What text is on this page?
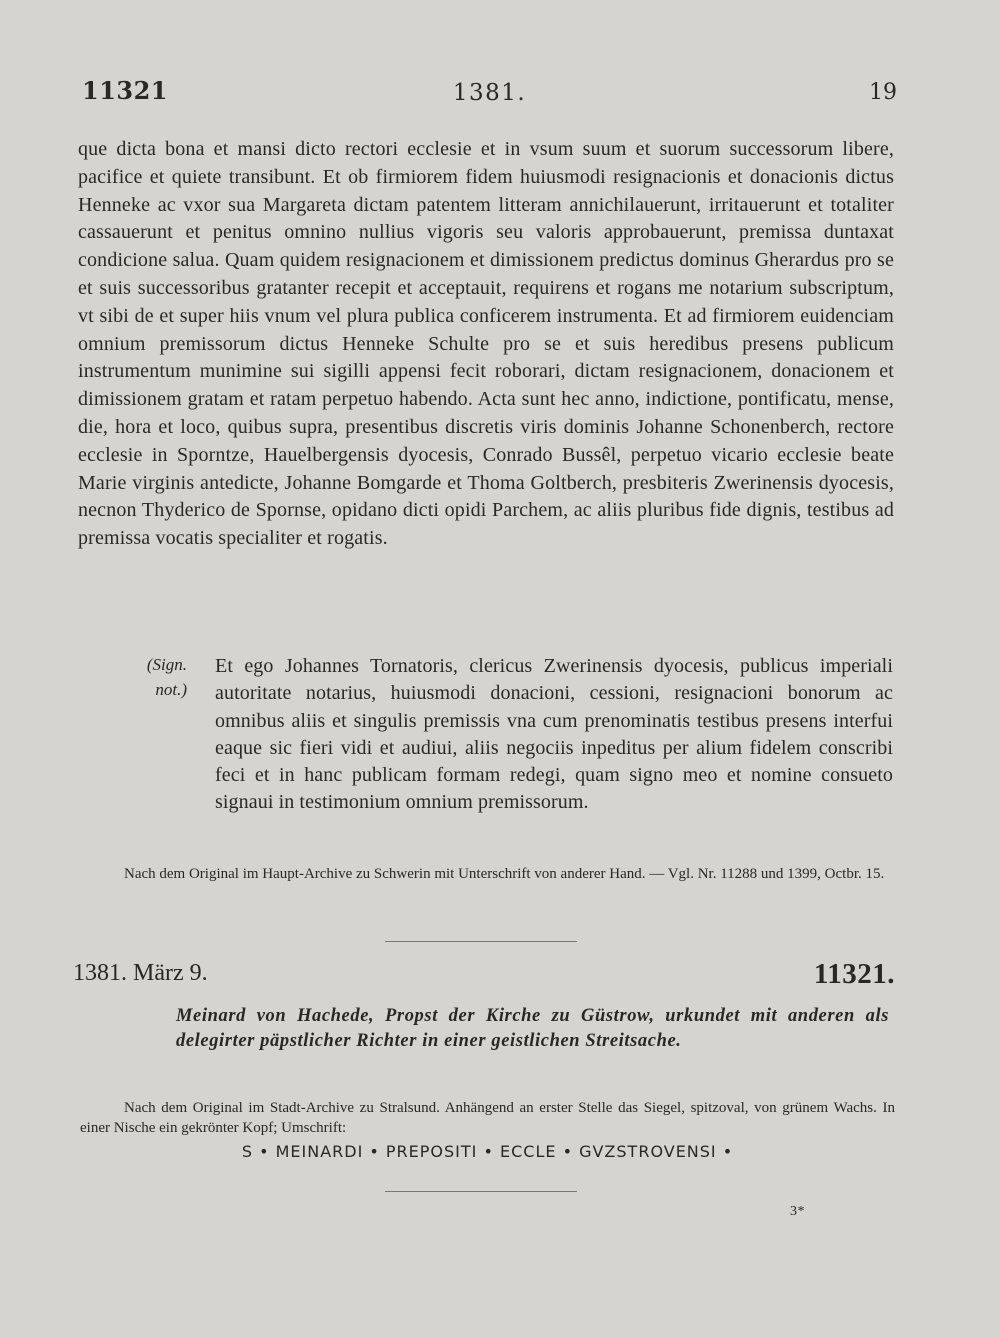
11321	1381.	19

que dicta bona et mansi dicto rectori ecclesie et in vsum suum et suorum successorum libere, pacifice et quiete transibunt. Et ob firmiorem fidem huiusmodi resignacionis et donacionis dictus Henneke ac vxor sua Margareta dictam patentem litteram annichilauerunt, irritauerunt et totaliter cassauerunt et penitus omnino nullius vigoris seu valoris approbauerunt, premissa duntaxat condicione salua. Quam quidem resignacionem et dimissionem predictus dominus Gherardus pro se et suis successoribus gratanter recepit et acceptauit, requirens et rogans me notarium subscriptum, vt sibi de et super hiis vnum vel plura publica conficerem instrumenta. Et ad firmiorem euidenciam omnium premissorum dictus Henneke Schulte pro se et suis heredibus presens publicum instrumentum munimine sui sigilli appensi fecit roborari, dictam resignacionem, donacionem et dimissionem gratam et ratam perpetuo habendo. Acta sunt hec anno, indictione, pontificatu, mense, die, hora et loco, quibus supra, presentibus discretis viris dominis Johanne Schonenberch, rectore ecclesie in Sporntze, Hauelbergensis dyocesis, Conrado Bussêl, perpetuo vicario ecclesie beate Marie virginis antedicte, Johanne Bomgarde et Thoma Goltberch, presbiteris Zwerinensis dyocesis, necnon Thyderico de Spornse, opidano dicti opidi Parchem, ac aliis pluribus fide dignis, testibus ad premissa vocatis specialiter et rogatis.

(Sign. not.)

Et ego Johannes Tornatoris, clericus Zwerinensis dyocesis, publicus imperiali autoritate notarius, huiusmodi donacioni, cessioni, resignacioni bonorum ac omnibus aliis et singulis premissis vna cum prenominatis testibus presens interfui eaque sic fieri vidi et audiui, aliis negociis inpeditus per alium fidelem conscribi feci et in hanc publicam formam redegi, quam signo meo et nomine consueto signaui in testimonium omnium premissorum.

Nach dem Original im Haupt-Archive zu Schwerin mit Unterschrift von anderer Hand. — Vgl. Nr. 11288 und 1399, Octbr. 15.

1381. März 9.	11321.

Meinard von Hachede, Propst der Kirche zu Güstrow, urkundet mit anderen als delegirter päpstlicher Richter in einer geistlichen Streitsache.

Nach dem Original im Stadt-Archive zu Stralsund. Anhängend an erster Stelle das Siegel, spitzoval, von grünem Wachs. In einer Nische ein gekrönter Kopf; Umschrift:

S • MEINARDI • PREPOSITI • ECCLE • GVZSTROVENSI •

3*
